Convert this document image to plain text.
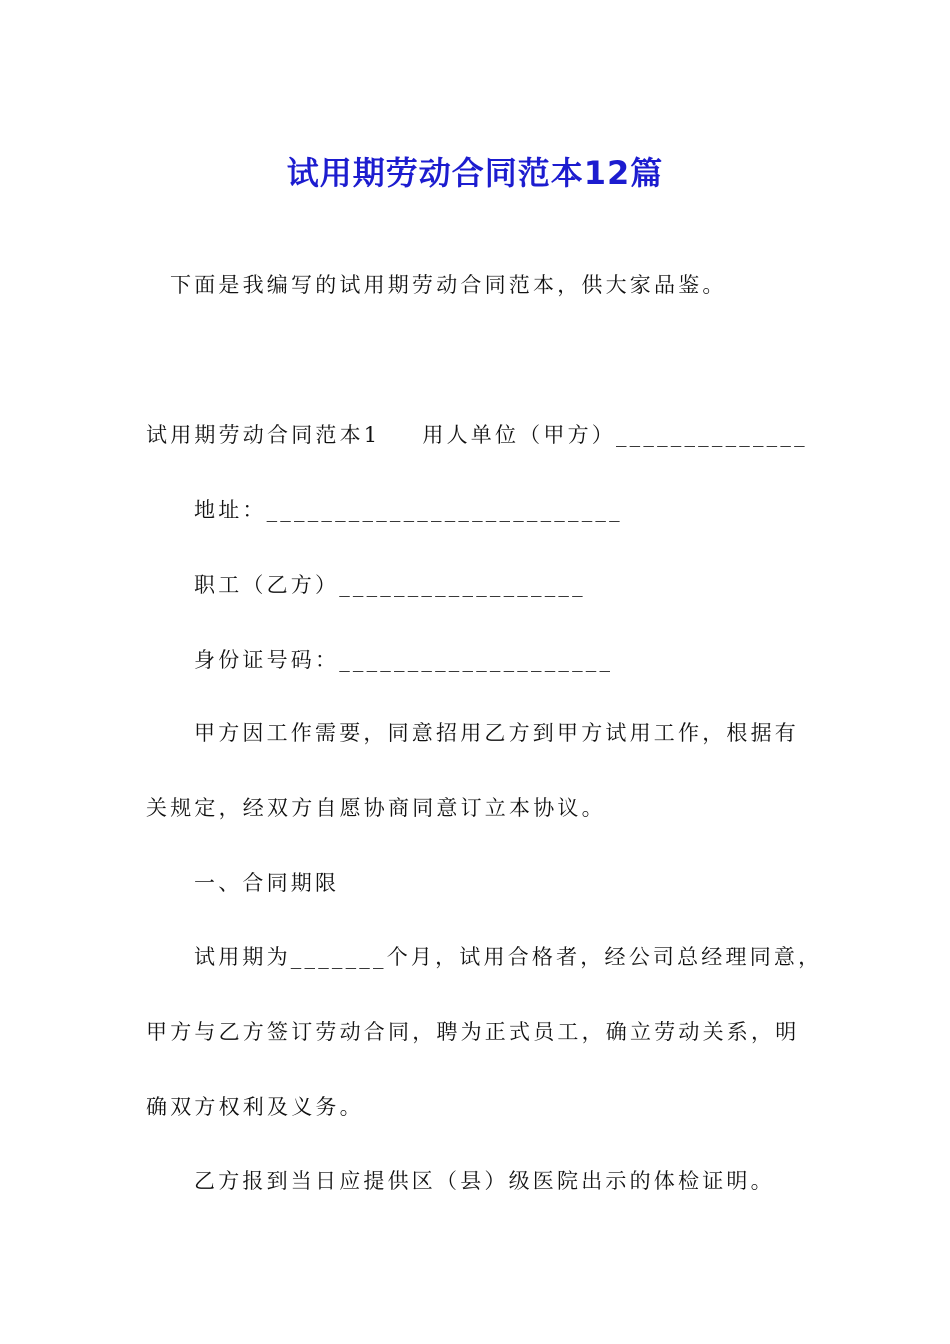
试用期劳动合同范本12篇
下面是我编写的试用期劳动合同范本，供大家品鉴。
试用期劳动合同范本1 用人单位（甲方）______________
地址：__________________________
职工（乙方）__________________
身份证号码：____________________
甲方因工作需要，同意招用乙方到甲方试用工作，根据有
关规定，经双方自愿协商同意订立本协议。
一、合同期限
试用期为_______个月，试用合格者，经公司总经理同意，
甲方与乙方签订劳动合同，聘为正式员工，确立劳动关系，明
确双方权利及义务。
乙方报到当日应提供区（县）级医院出示的体检证明。
